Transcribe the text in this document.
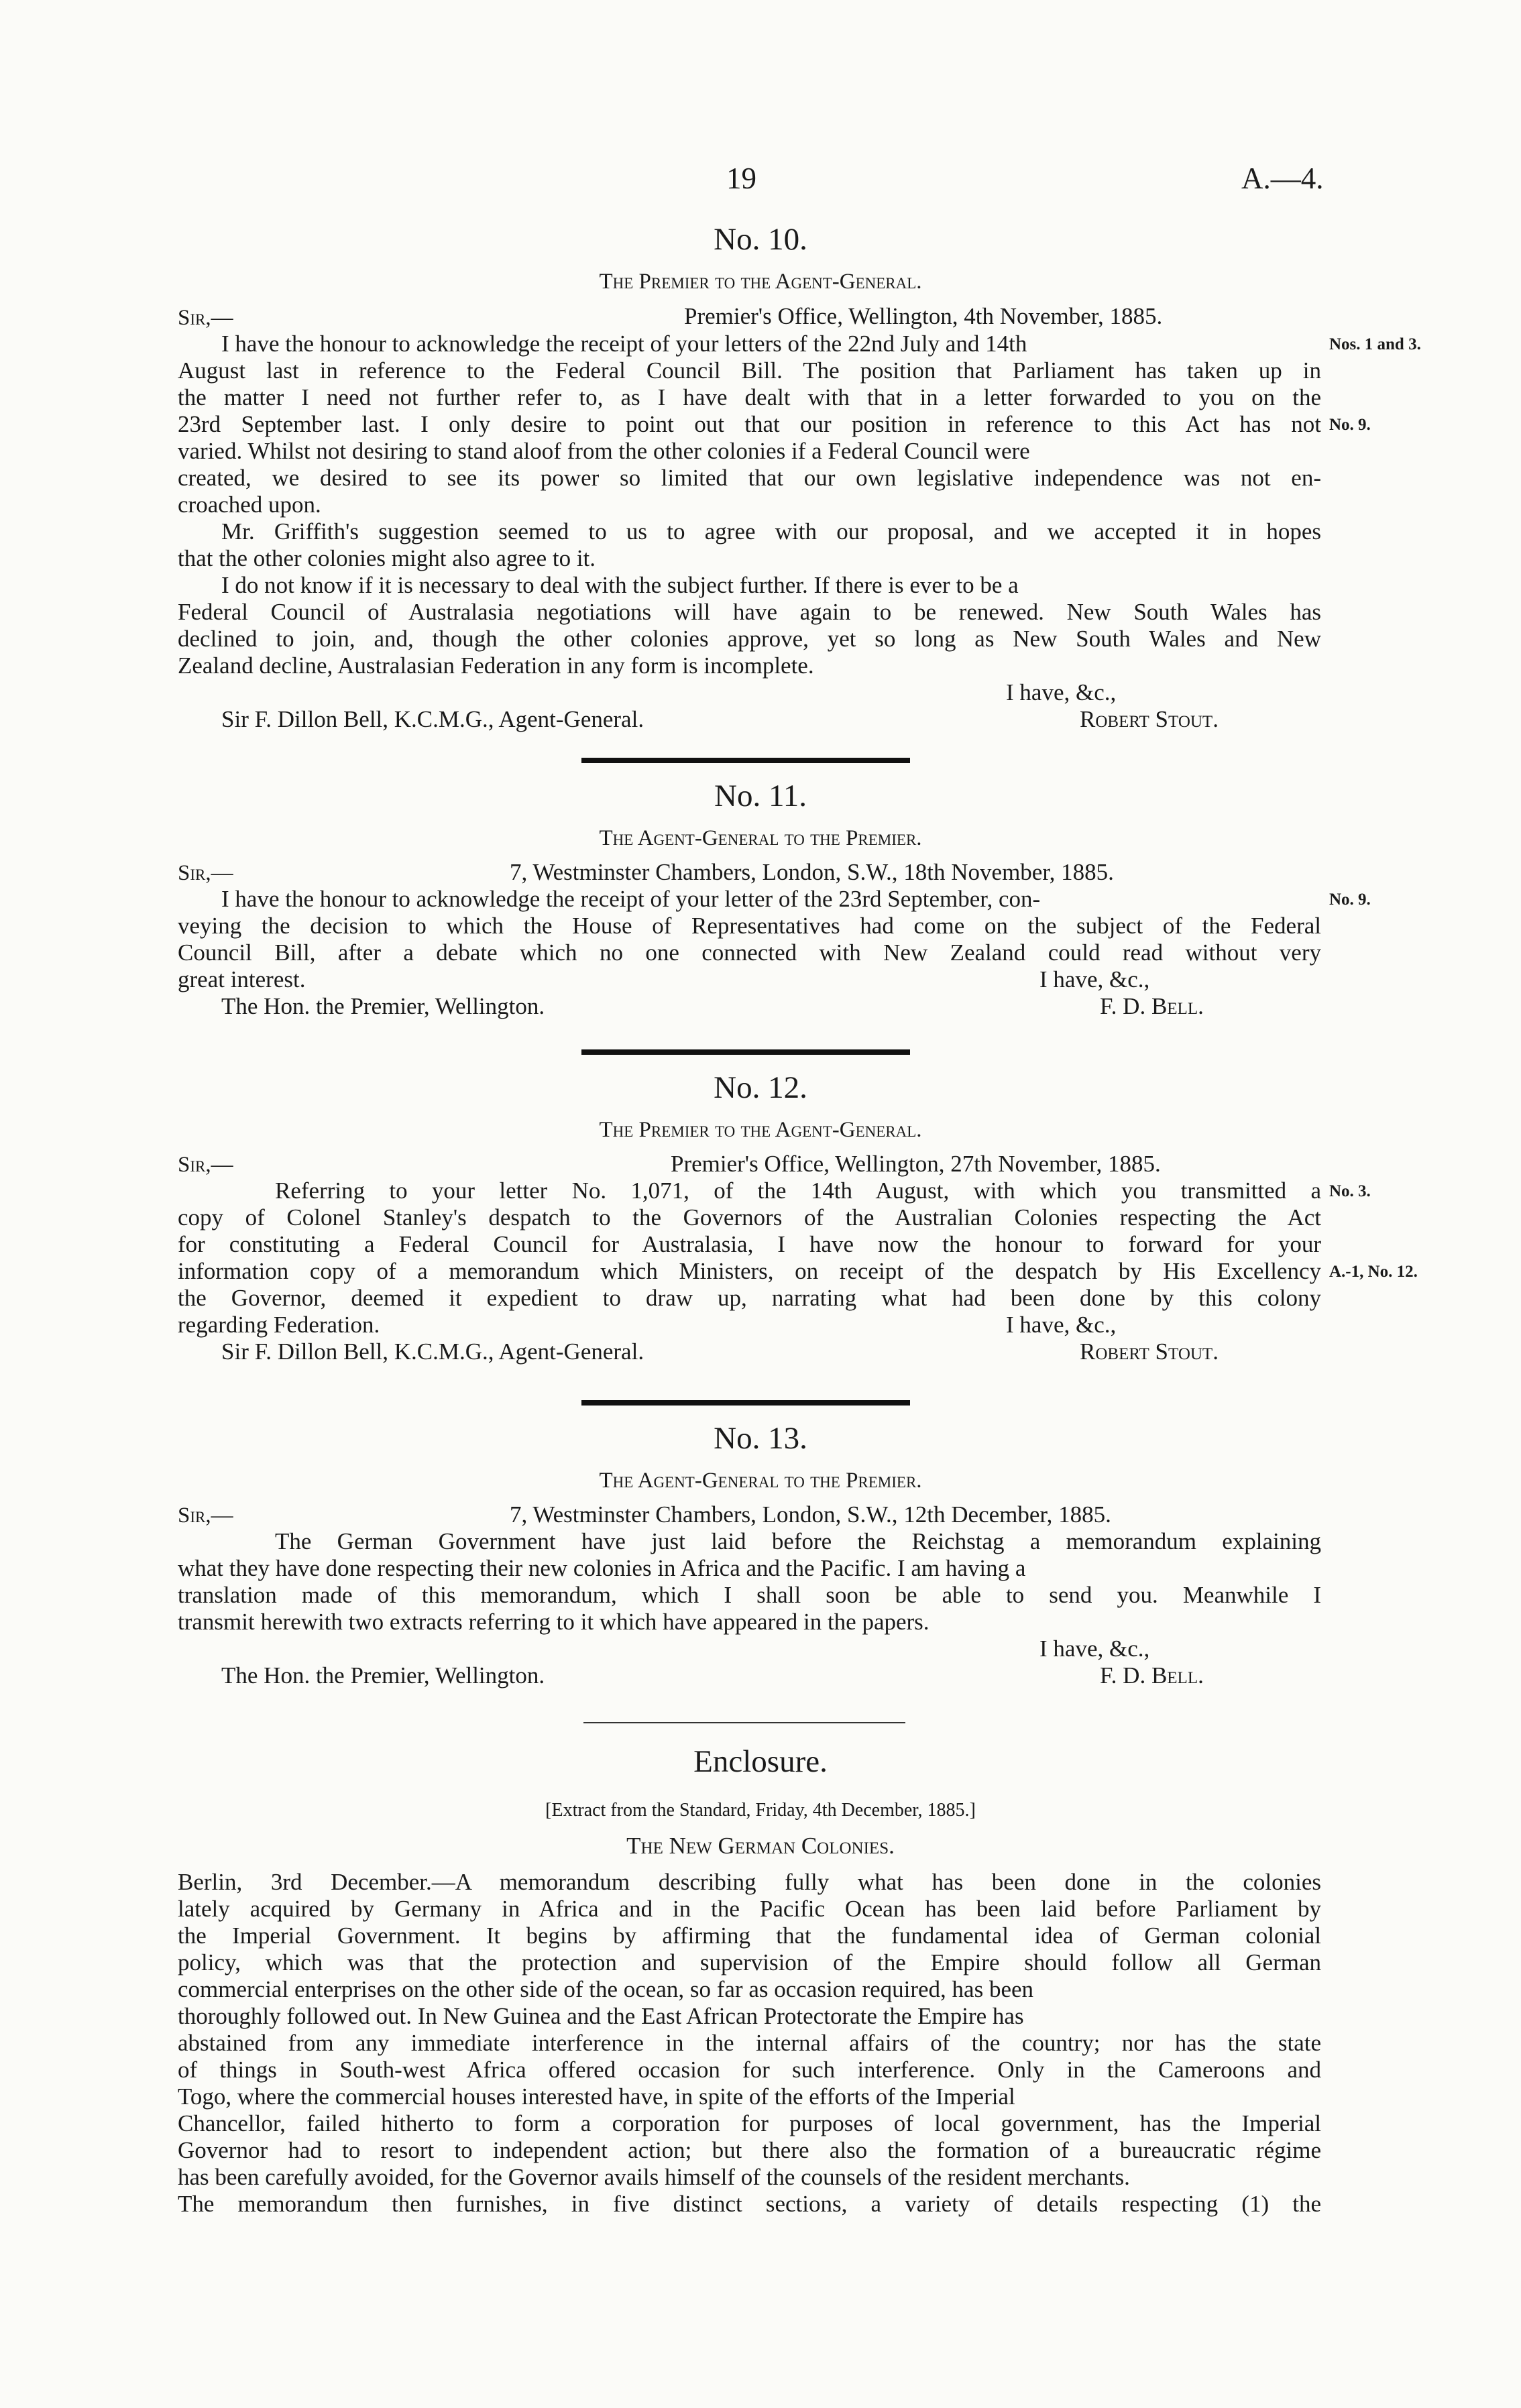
19	A.—4.
No. 10.
The Premier to the Agent-General.
Sir,—	Premier's Office, Wellington, 4th November, 1885.
I have the honour to acknowledge the receipt of your letters of the 22nd July and 14th
August last in reference to the Federal Council Bill. The position that Parliament has taken up in
the matter I need not further refer to, as I have dealt with that in a letter forwarded to you on the
23rd September last. I only desire to point out that our position in reference to this Act has not
varied. Whilst not desiring to stand aloof from the other colonies if a Federal Council were
created, we desired to see its power so limited that our own legislative independence was not en-
croached upon.
Mr. Griffith's suggestion seemed to us to agree with our proposal, and we accepted it in hopes
that the other colonies might also agree to it.
I do not know if it is necessary to deal with the subject further. If there is ever to be a
Federal Council of Australasia negotiations will have again to be renewed. New South Wales has
declined to join, and, though the other colonies approve, yet so long as New South Wales and New
Zealand decline, Australasian Federation in any form is incomplete.
Nos. 1 and 3.
No. 9.
I have, &c.,
Sir F. Dillon Bell, K.C.M.G., Agent-General.	Robert Stout.
No. 11.
The Agent-General to the Premier.
Sir,—	7, Westminster Chambers, London, S.W., 18th November, 1885.
I have the honour to acknowledge the receipt of your letter of the 23rd September, con-
veying the decision to which the House of Representatives had come on the subject of the Federal
Council Bill, after a debate which no one connected with New Zealand could read without very
great interest.
No. 9.
I have, &c.,
The Hon. the Premier, Wellington.	F. D. Bell.
No. 12.
The Premier to the Agent-General.
Sir,—	Premier's Office, Wellington, 27th November, 1885.
Referring to your letter No. 1,071, of the 14th August, with which you transmitted a
copy of Colonel Stanley's despatch to the Governors of the Australian Colonies respecting the Act
for constituting a Federal Council for Australasia, I have now the honour to forward for your
information copy of a memorandum which Ministers, on receipt of the despatch by His Excellency
the Governor, deemed it expedient to draw up, narrating what had been done by this colony
regarding Federation.
No. 3.
A.-1, No. 12.
I have, &c.,
Sir F. Dillon Bell, K.C.M.G., Agent-General.	Robert Stout.
No. 13.
The Agent-General to the Premier.
Sir,—	7, Westminster Chambers, London, S.W., 12th December, 1885.
The German Government have just laid before the Reichstag a memorandum explaining
what they have done respecting their new colonies in Africa and the Pacific. I am having a
translation made of this memorandum, which I shall soon be able to send you. Meanwhile I
transmit herewith two extracts referring to it which have appeared in the papers.
I have, &c.,
The Hon. the Premier, Wellington.	F. D. Bell.
Enclosure.
[Extract from the Standard, Friday, 4th December, 1885.]
The New German Colonies.
Berlin, 3rd December.—A memorandum describing fully what has been done in the colonies
lately acquired by Germany in Africa and in the Pacific Ocean has been laid before Parliament by
the Imperial Government. It begins by affirming that the fundamental idea of German colonial
policy, which was that the protection and supervision of the Empire should follow all German
commercial enterprises on the other side of the ocean, so far as occasion required, has been
thoroughly followed out. In New Guinea and the East African Protectorate the Empire has
abstained from any immediate interference in the internal affairs of the country; nor has the state
of things in South-west Africa offered occasion for such interference. Only in the Cameroons and
Togo, where the commercial houses interested have, in spite of the efforts of the Imperial
Chancellor, failed hitherto to form a corporation for purposes of local government, has the Imperial
Governor had to resort to independent action; but there also the formation of a bureaucratic régime
has been carefully avoided, for the Governor avails himself of the counsels of the resident merchants.
The memorandum then furnishes, in five distinct sections, a variety of details respecting (1) the
